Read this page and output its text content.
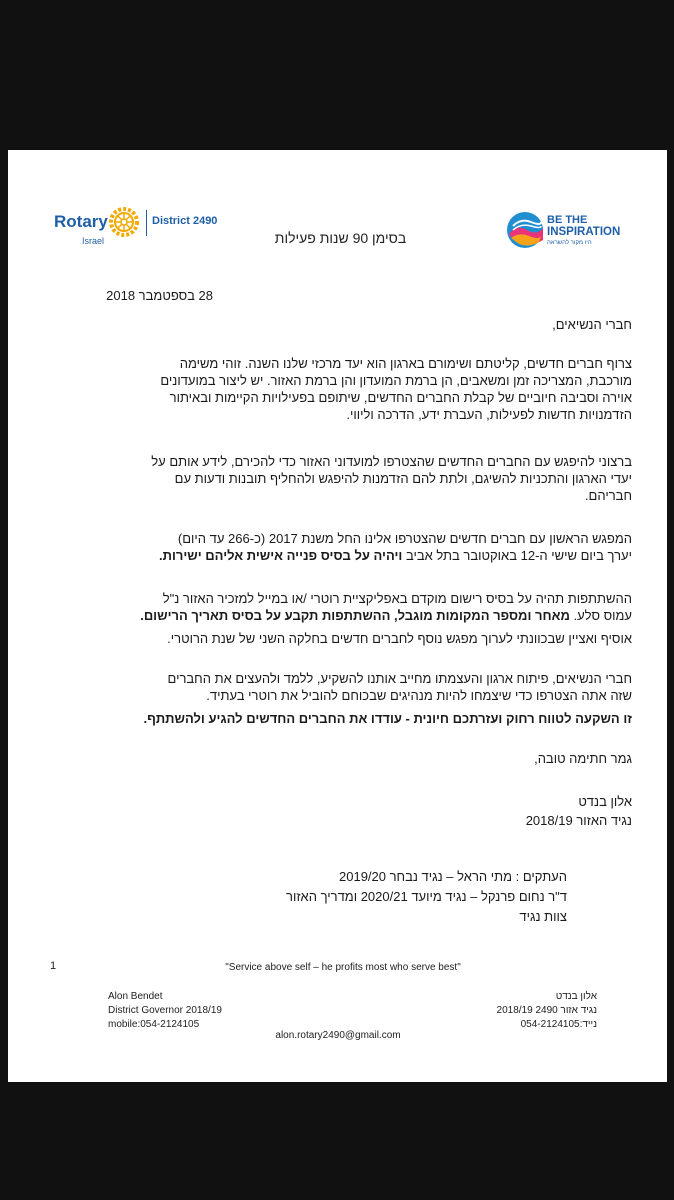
Rotary
Israel
District 2490
בסימן 90 שנות פעילות
BE THE
INSPIRATION
היו מקור להשראה
28 בספטמבר 2018
חברי הנשיאים,
צרוף חברים חדשים, קליטתם ושימורם בארגון הוא יעד מרכזי שלנו השנה. זוהי משימה
מורכבת, המצריכה זמן ומשאבים, הן ברמת המועדון והן ברמת האזור. יש ליצור במועדונים
אוירה וסביבה חיוביים של קבלת החברים החדשים, שיתופם בפעילויות הקיימות ובאיתור
הזדמנויות חדשות לפעילות, העברת ידע, הדרכה וליווי.
ברצוני להיפגש עם החברים החדשים שהצטרפו למועדוני האזור כדי להכירם, לידע אותם על
יעדי הארגון והתכניות להשיגם, ולתת להם הזדמנות להיפגש ולהחליף תובנות ודעות עם
חבריהם.
המפגש הראשון עם חברים חדשים שהצטרפו אלינו החל משנת 2017 (כ-266 עד היום)
יערך ביום שישי ה-12 באוקטובר בתל אביב ויהיה על בסיס פנייה אישית אליהם ישירות.
ההשתתפות תהיה על בסיס רישום מוקדם באפליקציית רוטרי /או במייל למזכיר האזור נ"ל
עמוס סלע. מאחר ומספר המקומות מוגבל, ההשתתפות תקבע על בסיס תאריך הרישום.
אוסיף ואציין שבכוונתי לערוך מפגש נוסף לחברים חדשים בחלקה השני של שנת הרוטרי.
חברי הנשיאים, פיתוח ארגון והעצמתו מחייב אותנו להשקיע, ללמד ולהעצים את החברים
שזה אתה הצטרפו כדי שיצמחו להיות מנהיגים שבכוחם להוביל את רוטרי בעתיד.
זו השקעה לטווח רחוק ועזרתכם חיונית - עודדו את החברים החדשים להגיע ולהשתתף.
גמר חתימה טובה,
אלון בנדט
נגיד האזור 2018/19
העתקים : מתי הראל – נגיד נבחר 2019/20
ד"ר נחום פרנקל – נגיד מיועד 2020/21 ומדריך האזור
צוות נגיד
1	"Service above self – he profits most who serve best"
Alon Bendet
District Governor 2018/19
mobile:054-2124105
אלון בנדט
נגיד אזור 2490 2018/19
נייד:054-2124105
alon.rotary2490@gmail.com
